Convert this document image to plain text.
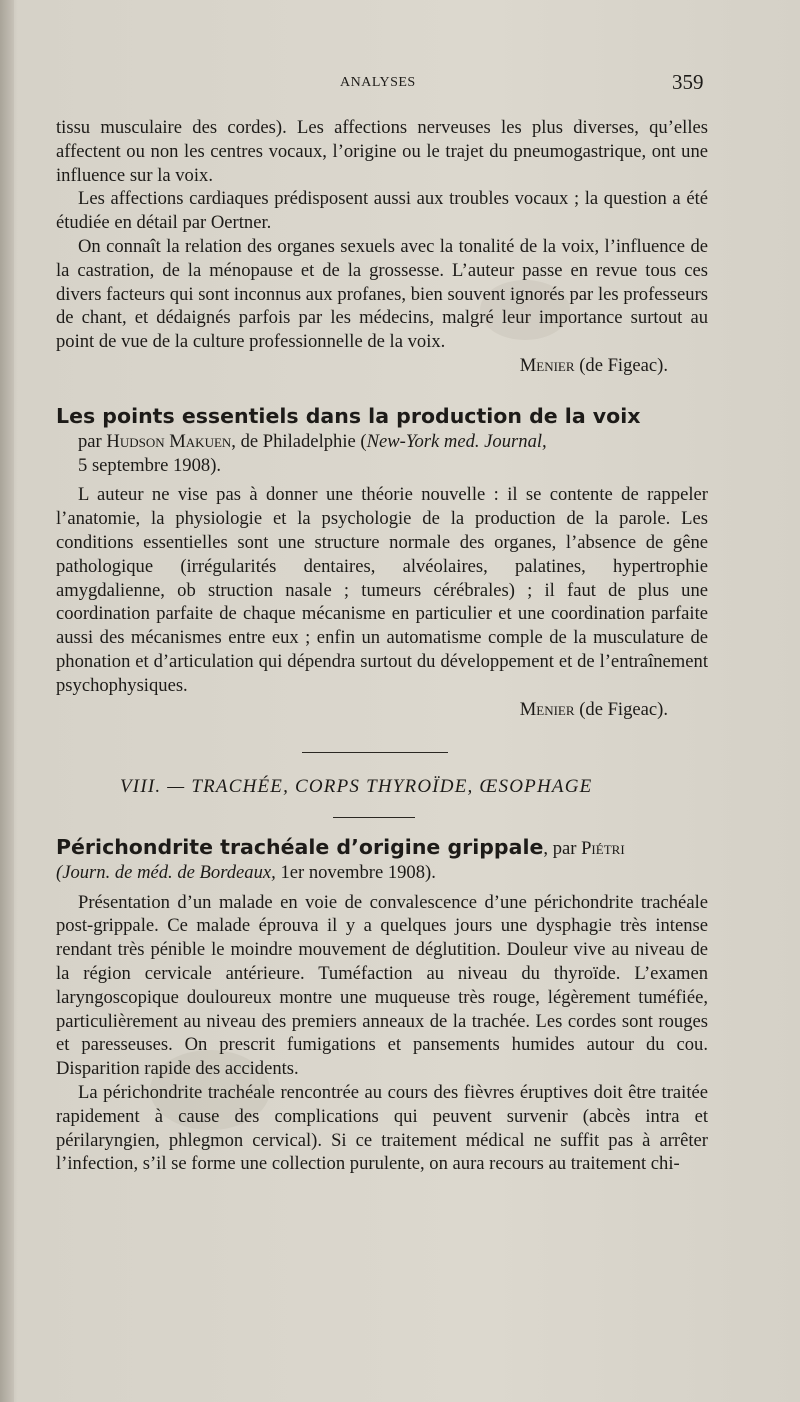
ANALYSES	359

tissu musculaire des cordes). Les affections nerveuses les plus diverses, qu’elles affectent ou non les centres vocaux, l’origine ou le trajet du pneumogastrique, ont une influence sur la voix.

Les affections cardiaques prédisposent aussi aux troubles vocaux ; la question a été étudiée en détail par Oertner.

On connaît la relation des organes sexuels avec la tonalité de la voix, l’influence de la castration, de la ménopause et de la grossesse. L’auteur passe en revue tous ces divers facteurs qui sont inconnus aux profanes, bien souvent ignorés par les professeurs de chant, et dédaignés parfois par les médecins, malgré leur importance surtout au point de vue de la culture professionnelle de la voix.

Menier (de Figeac).

Les points essentiels dans la production de la voix

par Hudson Makuen, de Philadelphie (New-York med. Journal,
5 septembre 1908).

L auteur ne vise pas à donner une théorie nouvelle : il se contente de rappeler l’anatomie, la physiologie et la psychologie de la production de la parole. Les conditions essentielles sont une structure normale des organes, l’absence de gêne pathologique (irrégularités dentaires, alvéolaires, palatines, hypertrophie amygdalienne, ob struction nasale ; tumeurs cérébrales) ; il faut de plus une coordination parfaite de chaque mécanisme en particulier et une coordination parfaite aussi des mécanismes entre eux ; enfin un automatisme comple de la musculature de phonation et d’articulation qui dépendra surtout du développement et de l’entraînement psychophysiques.

Menier (de Figeac).

VIII. — TRACHÉE, CORPS THYROÏDE, ŒSOPHAGE

Périchondrite trachéale d’origine grippale, par Piétri

(Journ. de méd. de Bordeaux, 1er novembre 1908).

Présentation d’un malade en voie de convalescence d’une périchondrite trachéale post-grippale. Ce malade éprouva il y a quelques jours une dysphagie très intense rendant très pénible le moindre mouvement de déglutition. Douleur vive au niveau de la région cervicale antérieure. Tuméfaction au niveau du thyroïde. L’examen laryngoscopique douloureux montre une muqueuse très rouge, légèrement tuméfiée, particulièrement au niveau des premiers anneaux de la trachée. Les cordes sont rouges et paresseuses. On prescrit fumigations et pansements humides autour du cou. Disparition rapide des accidents.

La périchondrite trachéale rencontrée au cours des fièvres éruptives doit être traitée rapidement à cause des complications qui peuvent survenir (abcès intra et périlaryngien, phlegmon cervical). Si ce traitement médical ne suffit pas à arrêter l’infection, s’il se forme une collection purulente, on aura recours au traitement chi-
